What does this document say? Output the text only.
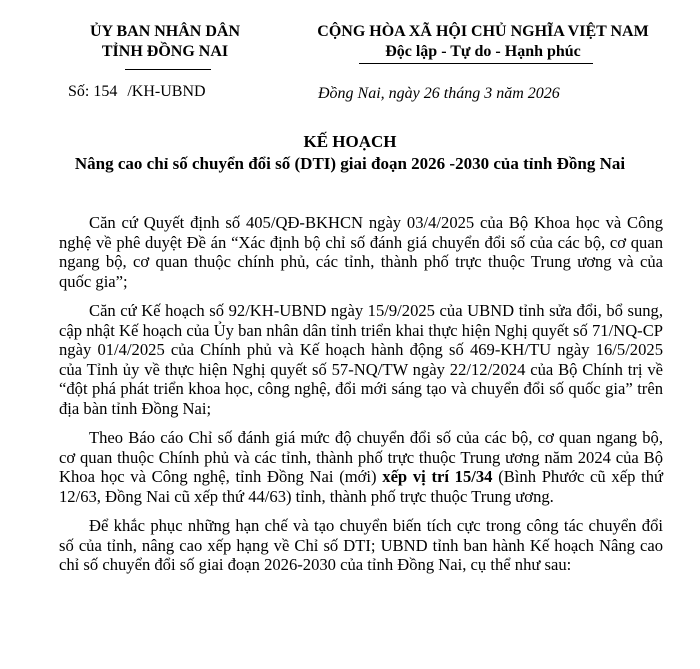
ỦY BAN NHÂN DÂN
TỈNH ĐỒNG NAI
CỘNG HÒA XÃ HỘI CHỦ NGHĨA VIỆT NAM
Độc lập - Tự do - Hạnh phúc
Số: 154 /KH-UBND	Đồng Nai, ngày 26 tháng 3 năm 2026
KẾ HOẠCH
Nâng cao chỉ số chuyển đổi số (DTI) giai đoạn 2026 -2030 của tỉnh Đồng Nai

Căn cứ Quyết định số 405/QĐ-BKHCN ngày 03/4/2025 của Bộ Khoa học và Công nghệ về phê duyệt Đề án “Xác định bộ chỉ số đánh giá chuyển đổi số của các bộ, cơ quan ngang bộ, cơ quan thuộc chính phủ, các tỉnh, thành phố trực thuộc Trung ương và của quốc gia”;

Căn cứ Kế hoạch số 92/KH-UBND ngày 15/9/2025 của UBND tỉnh sửa đổi, bổ sung, cập nhật Kế hoạch của Ủy ban nhân dân tỉnh triển khai thực hiện Nghị quyết số 71/NQ-CP ngày 01/4/2025 của Chính phủ và Kế hoạch hành động số 469-KH/TU ngày 16/5/2025 của Tỉnh ủy về thực hiện Nghị quyết số 57-NQ/TW ngày 22/12/2024 của Bộ Chính trị về “đột phá phát triển khoa học, công nghệ, đổi mới sáng tạo và chuyển đổi số quốc gia” trên địa bàn tỉnh Đồng Nai;

Theo Báo cáo Chỉ số đánh giá mức độ chuyển đổi số của các bộ, cơ quan ngang bộ, cơ quan thuộc Chính phủ và các tỉnh, thành phố trực thuộc Trung ương năm 2024 của Bộ Khoa học và Công nghệ, tỉnh Đồng Nai (mới) xếp vị trí 15/34 (Bình Phước cũ xếp thứ 12/63, Đồng Nai cũ xếp thứ 44/63) tỉnh, thành phố trực thuộc Trung ương.

Để khắc phục những hạn chế và tạo chuyển biến tích cực trong công tác chuyển đổi số của tỉnh, nâng cao xếp hạng về Chỉ số DTI; UBND tỉnh ban hành Kế hoạch Nâng cao chỉ số chuyển đổi số giai đoạn 2026-2030 của tỉnh Đồng Nai, cụ thể như sau:
